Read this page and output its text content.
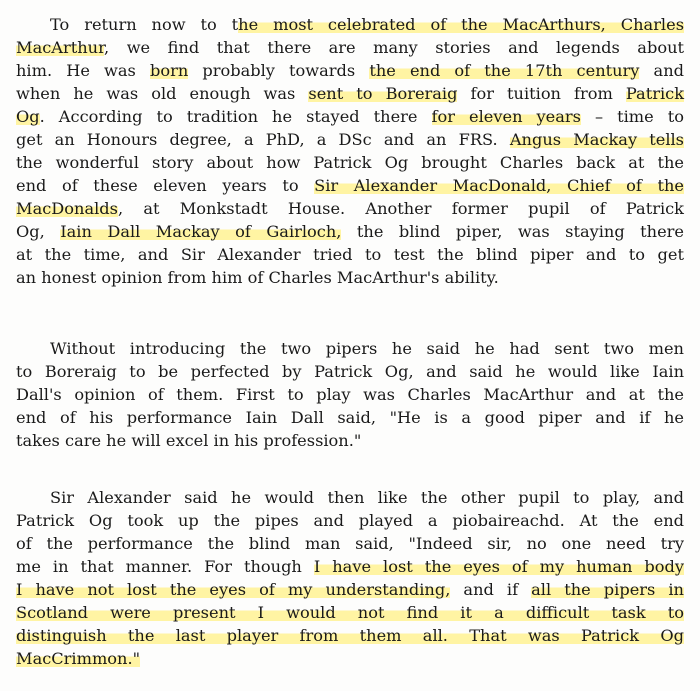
To return now to the most celebrated of the MacArthurs, Charles
MacArthur, we find that there are many stories and legends about
him. He was born probably towards the end of the 17th century and
when he was old enough was sent to Boreraig for tuition from Patrick
Og. According to tradition he stayed there for eleven years – time to
get an Honours degree, a PhD, a DSc and an FRS. Angus Mackay tells
the wonderful story about how Patrick Og brought Charles back at the
end of these eleven years to Sir Alexander MacDonald, Chief of the
MacDonalds, at Monkstadt House. Another former pupil of Patrick
Og, Iain Dall Mackay of Gairloch, the blind piper, was staying there
at the time, and Sir Alexander tried to test the blind piper and to get
an honest opinion from him of Charles MacArthur's ability.
Without introducing the two pipers he said he had sent two men
to Boreraig to be perfected by Patrick Og, and said he would like Iain
Dall's opinion of them. First to play was Charles MacArthur and at the
end of his performance Iain Dall said, "He is a good piper and if he
takes care he will excel in his profession."
Sir Alexander said he would then like the other pupil to play, and
Patrick Og took up the pipes and played a piobaireachd. At the end
of the performance the blind man said, "Indeed sir, no one need try
me in that manner. For though I have lost the eyes of my human body
I have not lost the eyes of my understanding, and if all the pipers in
Scotland were present I would not find it a difficult task to
distinguish the last player from them all. That was Patrick Og
MacCrimmon."
